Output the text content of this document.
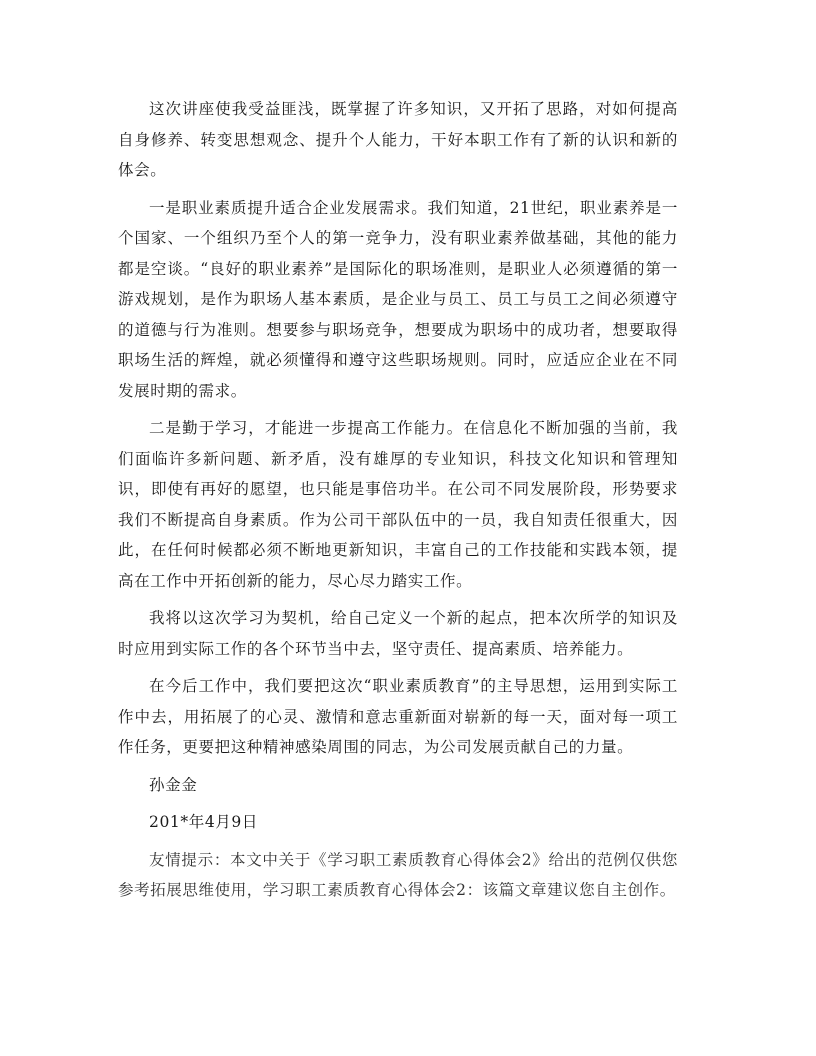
这次讲座使我受益匪浅，既掌握了许多知识，又开拓了思路，对如何提高自身修养、转变思想观念、提升个人能力，干好本职工作有了新的认识和新的体会。

一是职业素质提升适合企业发展需求。我们知道，21世纪，职业素养是一个国家、一个组织乃至个人的第一竞争力，没有职业素养做基础，其他的能力都是空谈。“良好的职业素养”是国际化的职场准则，是职业人必须遵循的第一游戏规划，是作为职场人基本素质，是企业与员工、员工与员工之间必须遵守的道德与行为准则。想要参与职场竞争，想要成为职场中的成功者，想要取得职场生活的辉煌，就必须懂得和遵守这些职场规则。同时，应适应企业在不同发展时期的需求。

二是勤于学习，才能进一步提高工作能力。在信息化不断加强的当前，我们面临许多新问题、新矛盾，没有雄厚的专业知识，科技文化知识和管理知识，即使有再好的愿望，也只能是事倍功半。在公司不同发展阶段，形势要求我们不断提高自身素质。作为公司干部队伍中的一员，我自知责任很重大，因此，在任何时候都必须不断地更新知识，丰富自己的工作技能和实践本领，提高在工作中开拓创新的能力，尽心尽力踏实工作。

我将以这次学习为契机，给自己定义一个新的起点，把本次所学的知识及时应用到实际工作的各个环节当中去，坚守责任、提高素质、培养能力。

在今后工作中，我们要把这次“职业素质教育”的主导思想，运用到实际工作中去，用拓展了的心灵、激情和意志重新面对崭新的每一天，面对每一项工作任务，更要把这种精神感染周围的同志，为公司发展贡献自己的力量。

孙金金

201*年4月9日

友情提示：本文中关于《学习职工素质教育心得体会2》给出的范例仅供您参考拓展思维使用，学习职工素质教育心得体会2：该篇文章建议您自主创作。
